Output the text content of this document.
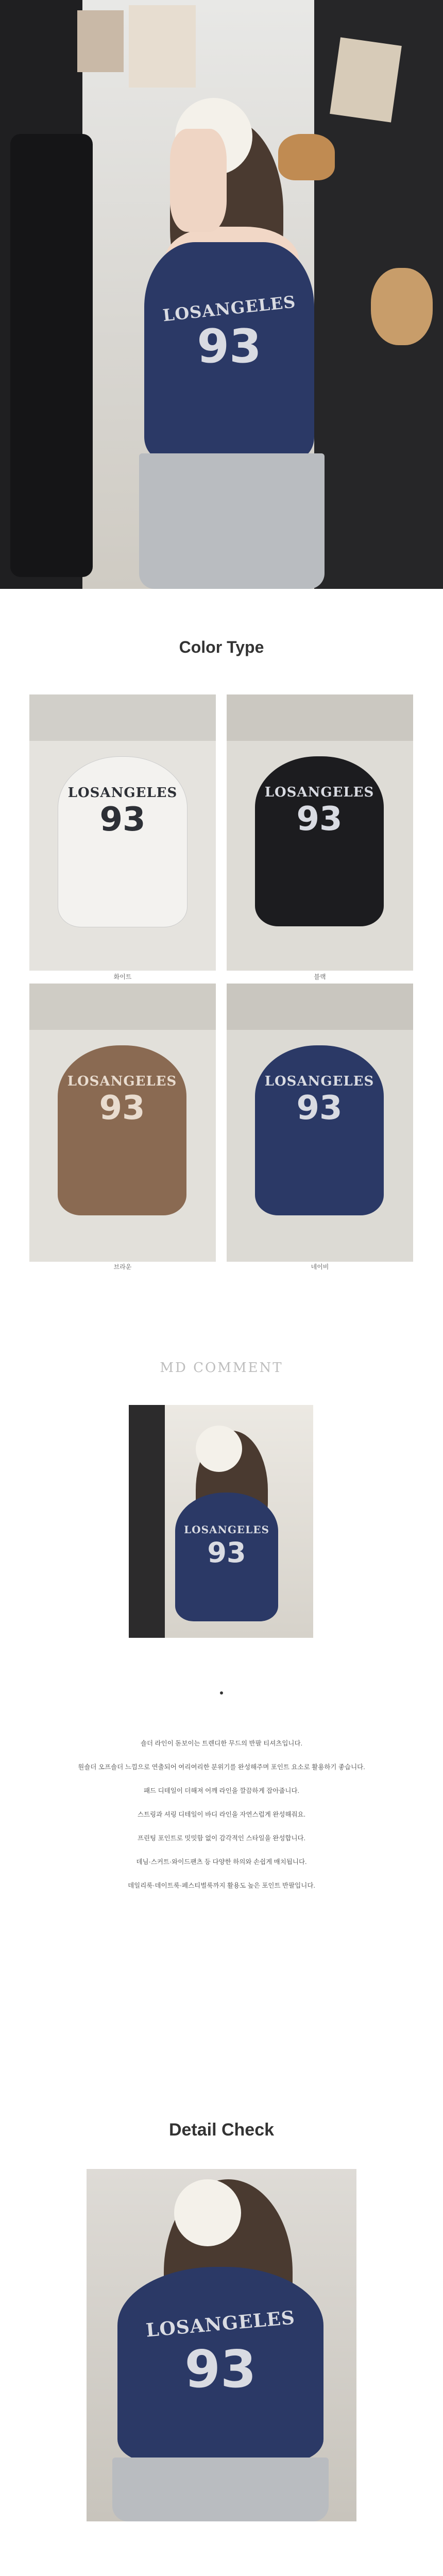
LOSANGELES
93
Color Type
LOSANGELES
93
화이트
LOSANGELES
93
블랙
LOSANGELES
93
브라운
LOSANGELES
93
네이비
MD COMMENT
LOSANGELES
93
숄더 라인이 돋보이는 트렌디한 무드의 반팔 티셔츠입니다.
원숄더 오프숄더 느낌으로 연출되어 여리여리한 분위기를 완성해주며 포인트 요소로 활용하기 좋습니다.
패드 디테일이 더해져 어깨 라인을 깔끔하게 잡아줍니다.
스트링과 셔링 디테일이 바디 라인을 자연스럽게 완성해줘요.
프린팅 포인트로 밋밋함 없이 감각적인 스타일을 완성합니다.
데님·스커트·와이드팬츠 등 다양한 하의와 손쉽게 매치됩니다.
데일리룩·데이트룩·페스티벌룩까지 활용도 높은 포인트 반팔입니다.
Detail Check
LOSANGELES
93
